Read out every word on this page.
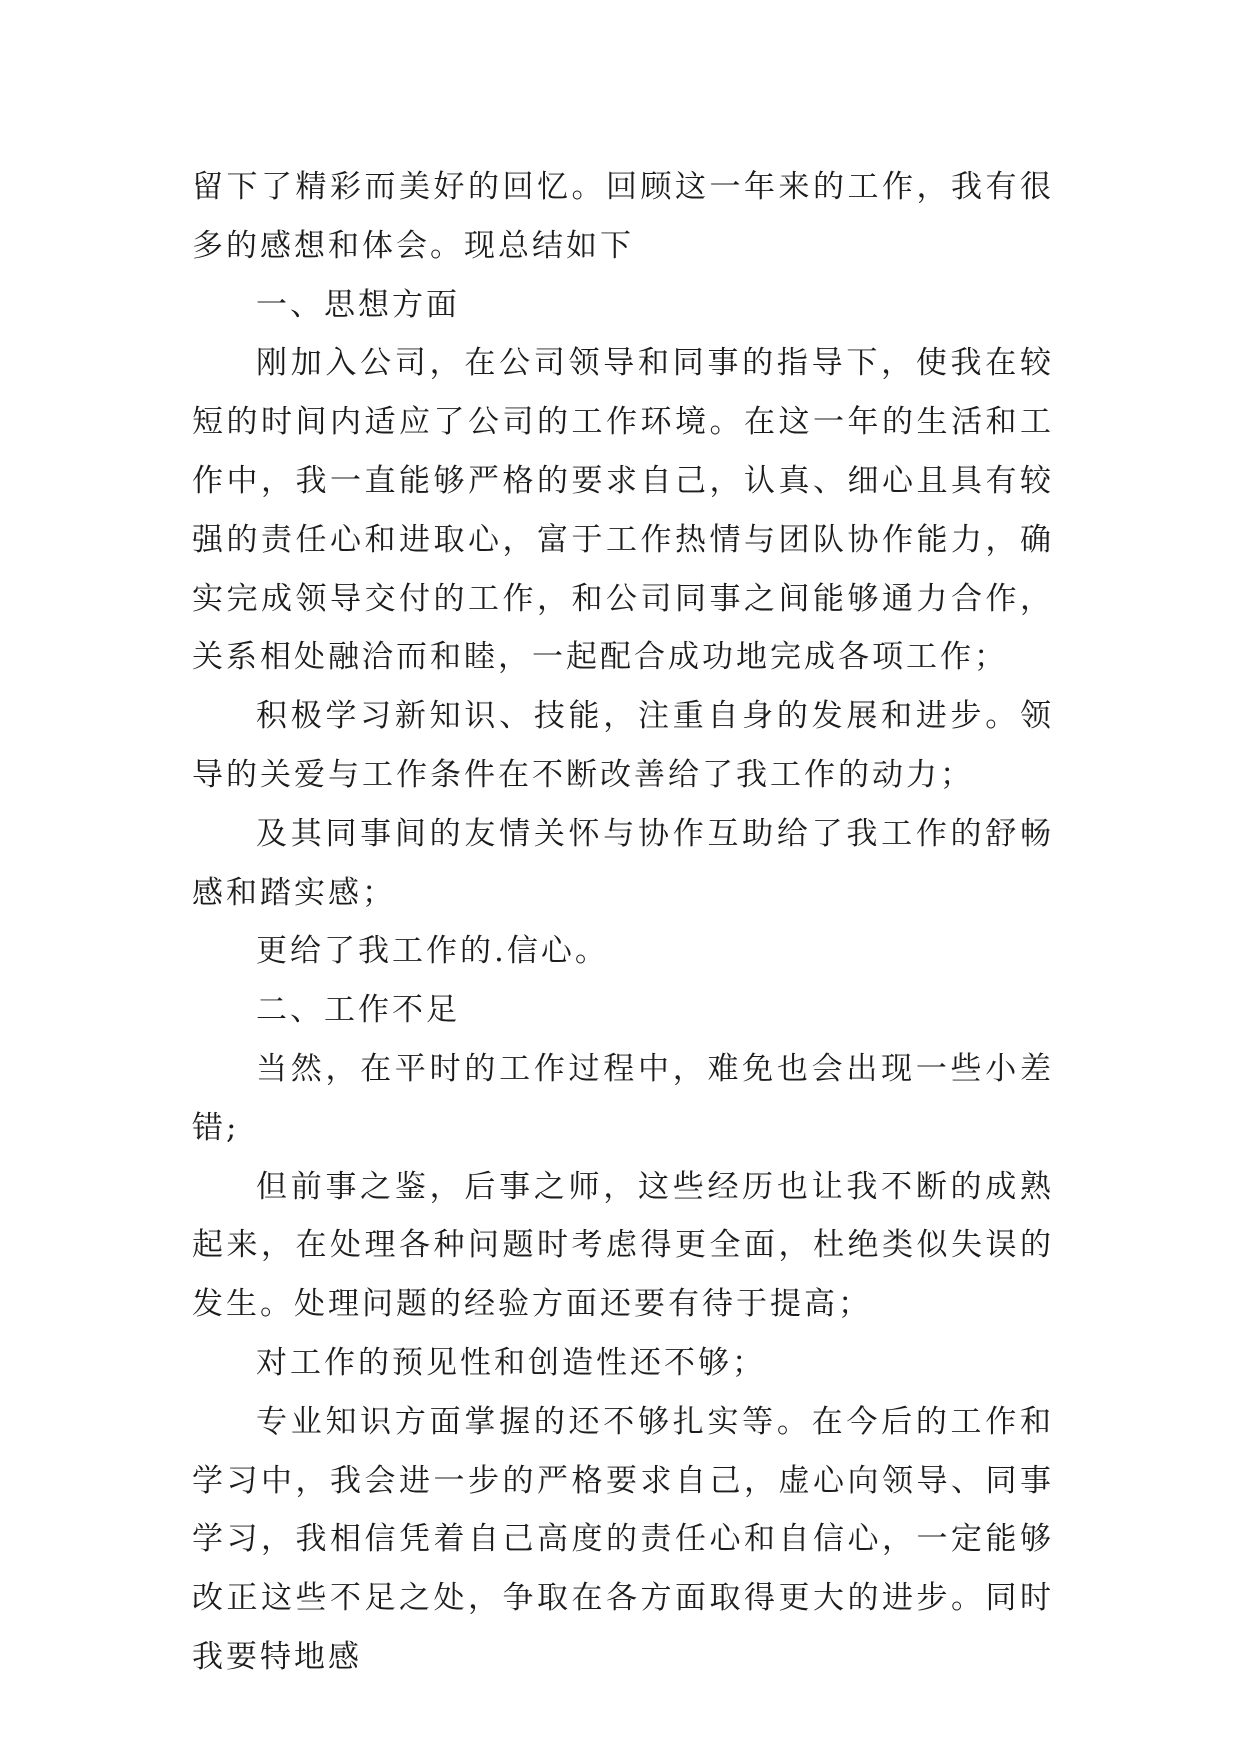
留下了精彩而美好的回忆。回顾这一年来的工作，我有很多的感想和体会。现总结如下

一、思想方面

刚加入公司，在公司领导和同事的指导下，使我在较短的时间内适应了公司的工作环境。在这一年的生活和工作中，我一直能够严格的要求自己，认真、细心且具有较强的责任心和进取心，富于工作热情与团队协作能力，确实完成领导交付的工作，和公司同事之间能够通力合作，关系相处融洽而和睦，一起配合成功地完成各项工作；

积极学习新知识、技能，注重自身的发展和进步。领导的关爱与工作条件在不断改善给了我工作的动力；

及其同事间的友情关怀与协作互助给了我工作的舒畅感和踏实感；

更给了我工作的.信心。

二、工作不足

当然，在平时的工作过程中，难免也会出现一些小差错;

但前事之鉴，后事之师，这些经历也让我不断的成熟起来，在处理各种问题时考虑得更全面，杜绝类似失误的发生。处理问题的经验方面还要有待于提高；

对工作的预见性和创造性还不够；

专业知识方面掌握的还不够扎实等。在今后的工作和学习中，我会进一步的严格要求自己，虚心向领导、同事学习，我相信凭着自己高度的责任心和自信心，一定能够改正这些不足之处，争取在各方面取得更大的进步。同时我要特地感
